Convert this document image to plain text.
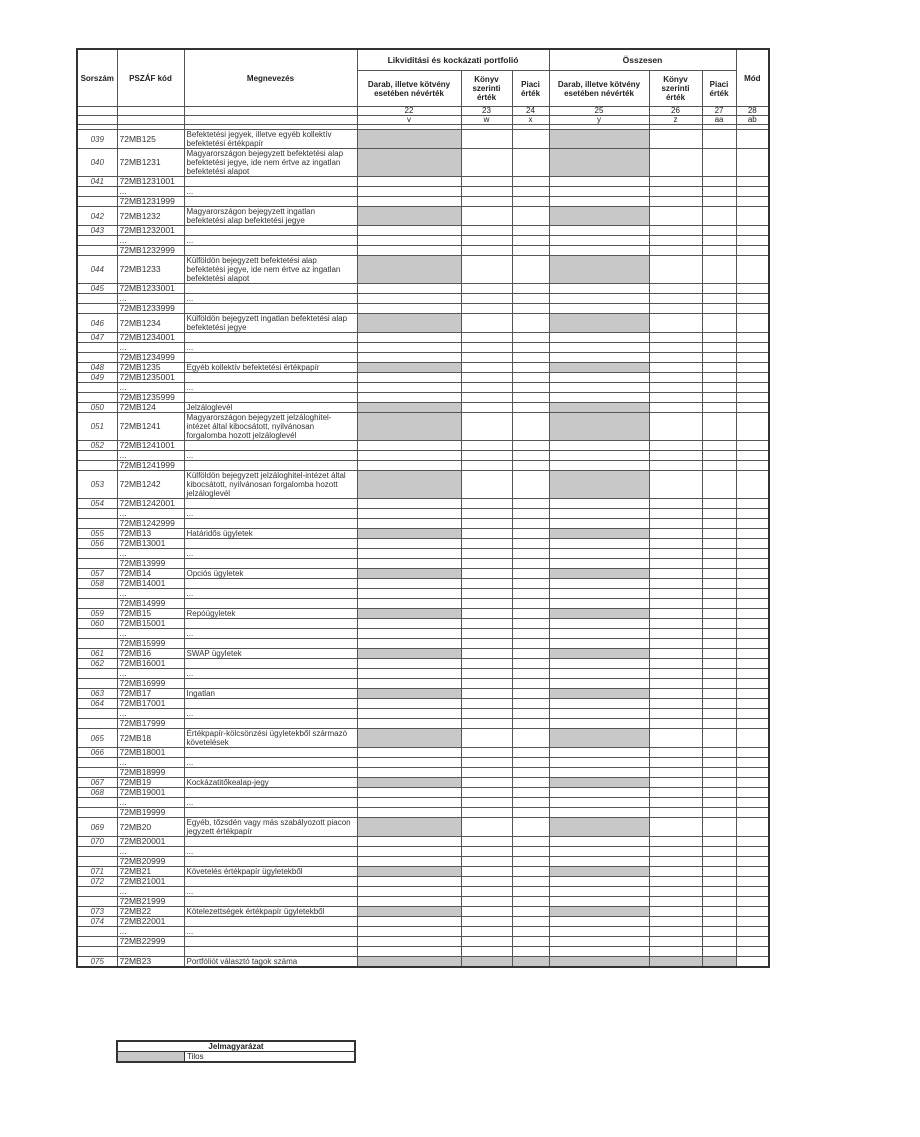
Sorszám	PSZÁF kód	Megnevezés	Likviditási és kockázati portfolió			Összesen			Mód
			Darab, illetve kötvény esetében névérték	Könyv szerinti érték	Piaci érték	Darab, illetve kötvény esetében névérték	Könyv szerinti érték	Piaci érték	
			22	23	24	25	26	27	28
			v	w	x	y	z	aa	ab

039	72MB125	Befektetési jegyek, illetve egyéb kollektív befektetési értékpapír							
040	72MB1231	Magyarországon bejegyzett befektetési alap befektetési jegye, ide nem értve az ingatlan befektetési alapot							
041	72MB1231001								
	...	...							
	72MB1231999								
042	72MB1232	Magyarországon bejegyzett ingatlan befektetési alap befektetési jegye							
043	72MB1232001								
	...	...							
	72MB1232999								
044	72MB1233	Külföldön bejegyzett befektetési alap befektetési jegye, ide nem értve az ingatlan befektetési alapot							
045	72MB1233001								
	...	...							
	72MB1233999								
046	72MB1234	Külföldön bejegyzett ingatlan befektetési alap befektetési jegye							
047	72MB1234001								
	...	...							
	72MB1234999								
048	72MB1235	Egyéb kollektív befektetési értékpapír							
049	72MB1235001								
	...	...							
	72MB1235999								
050	72MB124	Jelzáloglevél							
051	72MB1241	Magyarországon bejegyzett jelzáloghitel-intézet által kibocsátott, nyilvánosan forgalomba hozott jelzáloglevél							
052	72MB1241001								
	...	...							
	72MB1241999								
053	72MB1242	Külföldön bejegyzett jelzáloghitel-intézet által kibocsátott, nyilvánosan forgalomba hozott jelzáloglevél							
054	72MB1242001								
	...	...							
	72MB1242999								
055	72MB13	Határidős ügyletek							
056	72MB13001								
	...	...							
	72MB13999								
057	72MB14	Opciós ügyletek							
058	72MB14001								
	...	...							
	72MB14999								
059	72MB15	Repóügyletek							
060	72MB15001								
	...	...							
	72MB15999								
061	72MB16	SWAP ügyletek							
062	72MB16001								
	...	...							
	72MB16999								
063	72MB17	Ingatlan							
064	72MB17001								
	...	...							
	72MB17999								
065	72MB18	Értékpapír-kölcsönzési ügyletekből származó követelések							
066	72MB18001								
	...	...							
	72MB18999								
067	72MB19	Kockázatitőkealap-jegy							
068	72MB19001								
	...	...							
	72MB19999								
069	72MB20	Egyéb, tőzsdén vagy más szabályozott piacon jegyzett értékpapír							
070	72MB20001								
	...	...							
	72MB20999								
071	72MB21	Követelés értékpapír ügyletekből							
072	72MB21001								
	...	...							
	72MB21999								
073	72MB22	Kötelezettségek értékpapír ügyletekből							
074	72MB22001								
	...	...							
	72MB22999								

075	72MB23	Portfóliót választó tagok száma							
Jelmagyarázat
	Tilos
